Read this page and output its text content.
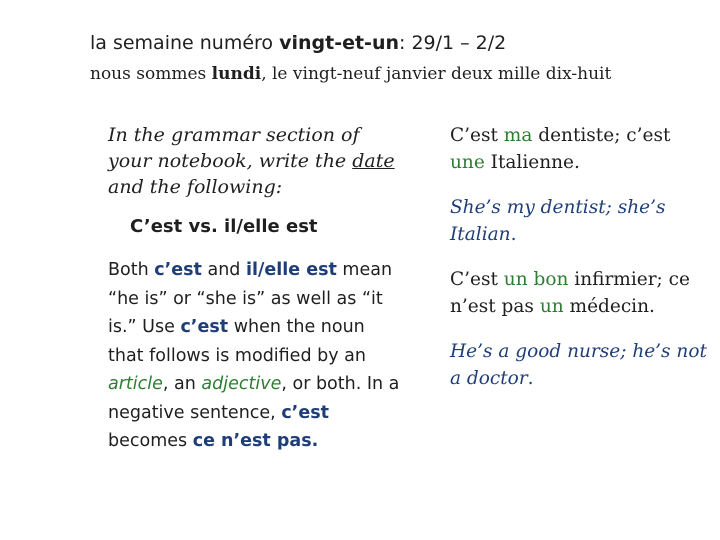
la semaine numéro vingt-et-un: 29/1 – 2/2
nous sommes lundi, le vingt-neuf janvier deux mille dix-huit

In the grammar section of your notebook, write the date and the following:

C’est vs. il/elle est
Both c’est and il/elle est mean “he is” or “she is” as well as “it is.” Use c’est when the noun that follows is modified by an article, an adjective, or both. In a negative sentence, c’est becomes ce n’est pas.
C’est ma dentiste; c’est une Italienne.
She’s my dentist; she’s Italian.
C’est un bon infirmier; ce n’est pas un médecin.
He’s a good nurse; he’s not a doctor.
